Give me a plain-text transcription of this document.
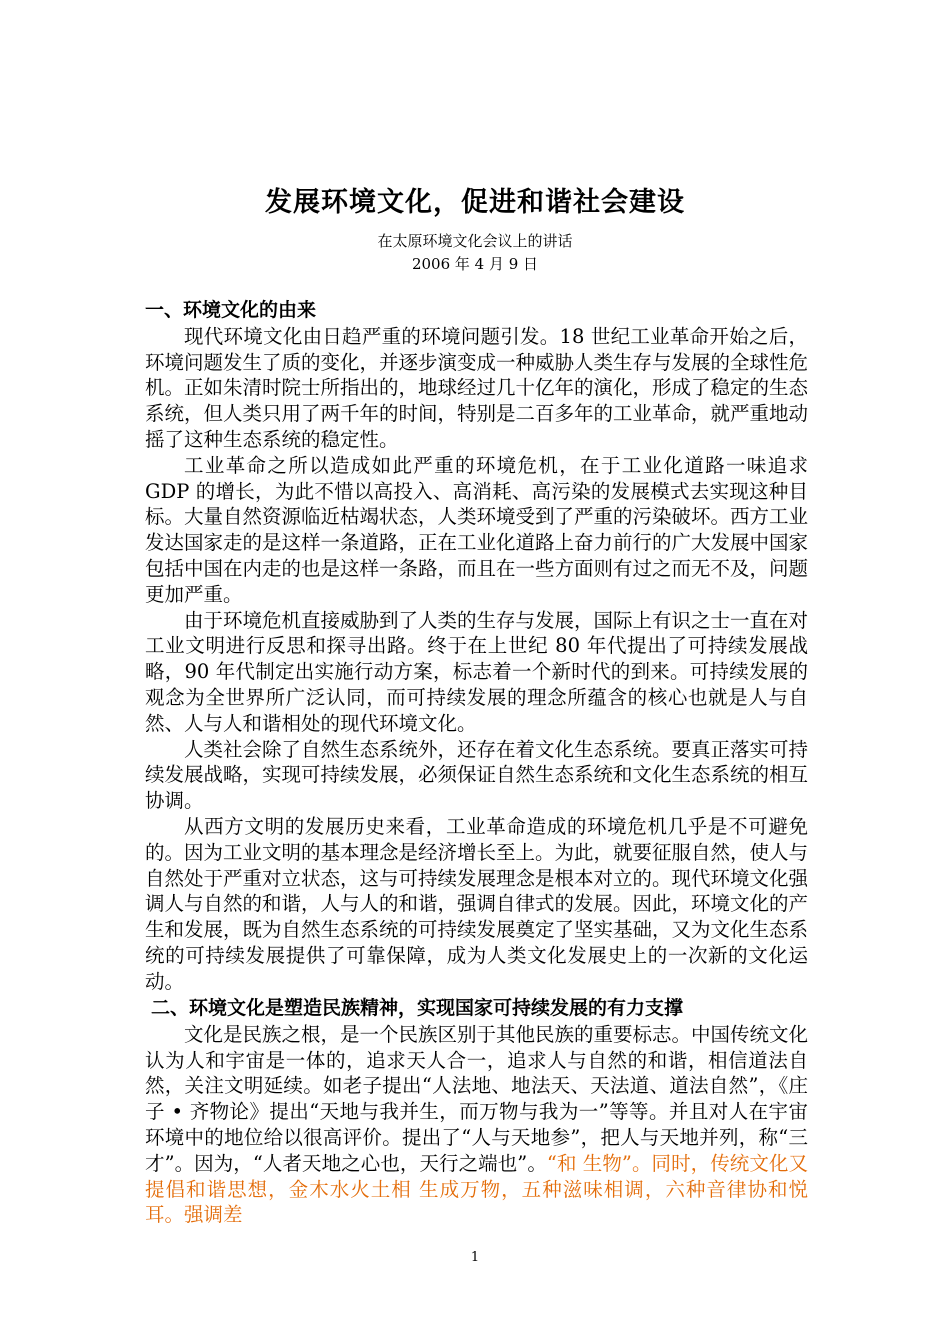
发展环境文化，促进和谐社会建设
在太原环境文化会议上的讲话
2006 年 4 月 9 日
一、环境文化的由来

现代环境文化由日趋严重的环境问题引发。18 世纪工业革命开始之后，环境问题发生了质的变化，并逐步演变成一种威胁人类生存与发展的全球性危机。正如朱清时院士所指出的，地球经过几十亿年的演化，形成了稳定的生态系统，但人类只用了两千年的时间，特别是二百多年的工业革命，就严重地动摇了这种生态系统的稳定性。

工业革命之所以造成如此严重的环境危机，在于工业化道路一味追求 GDP 的增长，为此不惜以高投入、高消耗、高污染的发展模式去实现这种目标。大量自然资源临近枯竭状态，人类环境受到了严重的污染破坏。西方工业发达国家走的是这样一条道路，正在工业化道路上奋力前行的广大发展中国家包括中国在内走的也是这样一条路，而且在一些方面则有过之而无不及，问题更加严重。

由于环境危机直接威胁到了人类的生存与发展，国际上有识之士一直在对工业文明进行反思和探寻出路。终于在上世纪 80 年代提出了可持续发展战略，90 年代制定出实施行动方案，标志着一个新时代的到来。可持续发展的观念为全世界所广泛认同，而可持续发展的理念所蕴含的核心也就是人与自然、人与人和谐相处的现代环境文化。

人类社会除了自然生态系统外，还存在着文化生态系统。要真正落实可持续发展战略，实现可持续发展，必须保证自然生态系统和文化生态系统的相互协调。

从西方文明的发展历史来看，工业革命造成的环境危机几乎是不可避免的。因为工业文明的基本理念是经济增长至上。为此，就要征服自然，使人与自然处于严重对立状态，这与可持续发展理念是根本对立的。现代环境文化强调人与自然的和谐，人与人的和谐，强调自律式的发展。因此，环境文化的产生和发展，既为自然生态系统的可持续发展奠定了坚实基础，又为文化生态系统的可持续发展提供了可靠保障，成为人类文化发展史上的一次新的文化运动。

二、环境文化是塑造民族精神，实现国家可持续发展的有力支撑

文化是民族之根，是一个民族区别于其他民族的重要标志。中国传统文化认为人和宇宙是一体的，追求天人合一，追求人与自然的和谐，相信道法自然，关注文明延续。如老子提出“人法地、地法天、天法道、道法自然”，《庄子 • 齐物论》提出“天地与我并生，而万物与我为一”等等。并且对人在宇宙环境中的地位给以很高评价。提出了“人与天地参”，把人与天地并列，称“三才”。因为，“人者天地之心也，天行之端也”。“和 生物”。同时，传统文化又提倡和谐思想，金木水火土相 生成万物，五种滋味相调，六种音律协和悦耳。强调差

1
